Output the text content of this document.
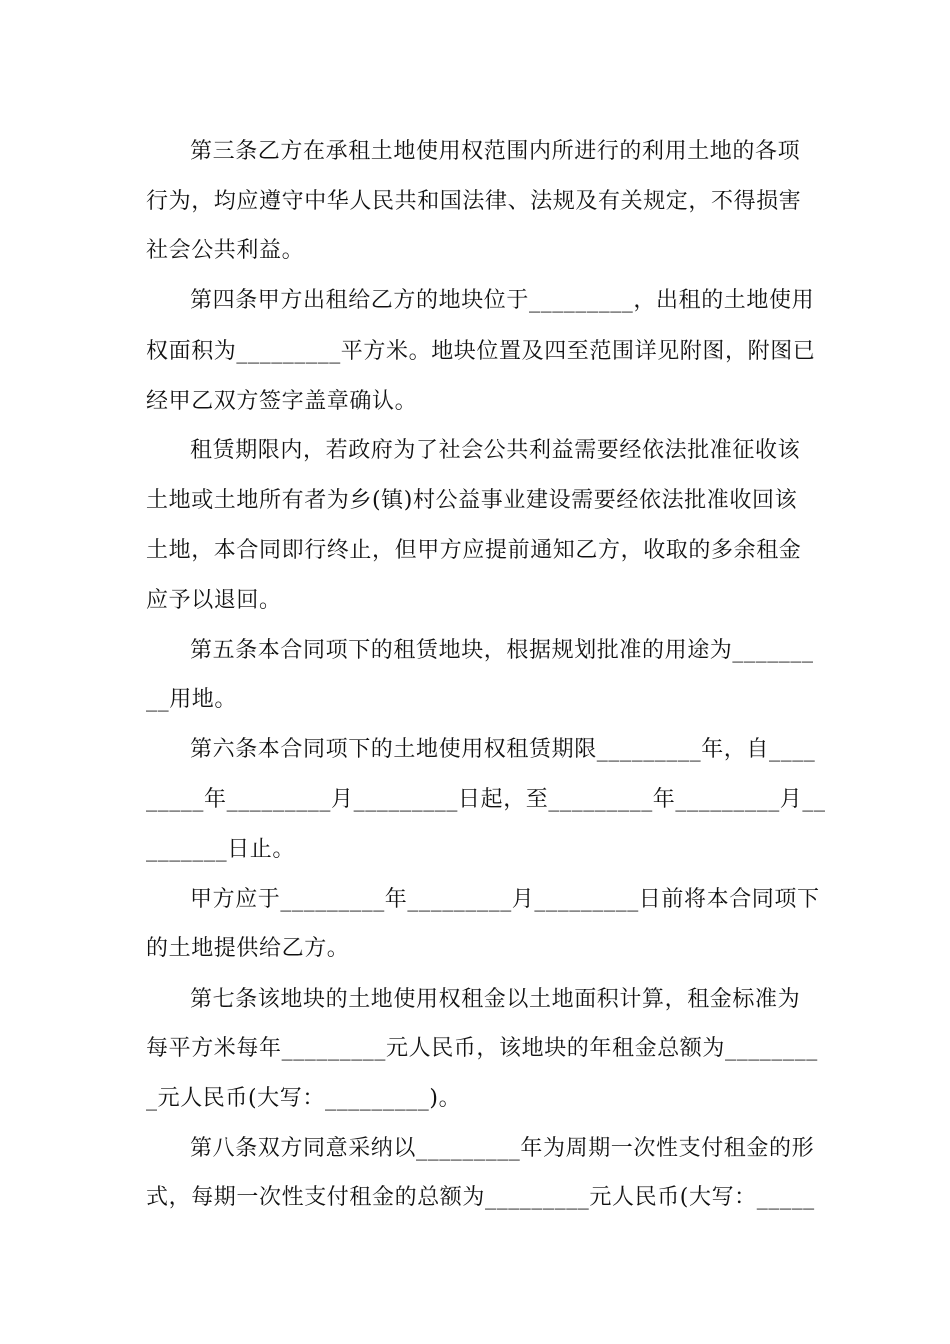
第三条乙方在承租土地使用权范围内所进行的利用土地的各项

行为，均应遵守中华人民共和国法律、法规及有关规定，不得损害

社会公共利益。

第四条甲方出租给乙方的地块位于_________，出租的土地使用

权面积为_________平方米。地块位置及四至范围详见附图，附图已

经甲乙双方签字盖章确认。

租赁期限内，若政府为了社会公共利益需要经依法批准征收该

土地或土地所有者为乡(镇)村公益事业建设需要经依法批准收回该

土地，本合同即行终止，但甲方应提前通知乙方，收取的多余租金

应予以退回。

第五条本合同项下的租赁地块，根据规划批准的用途为_______

__用地。

第六条本合同项下的土地使用权租赁期限_________年，自____

_____年_________月_________日起，至_________年_________月__

_______日止。

甲方应于_________年_________月_________日前将本合同项下

的土地提供给乙方。

第七条该地块的土地使用权租金以土地面积计算，租金标准为

每平方米每年_________元人民币，该地块的年租金总额为________

_元人民币(大写：_________)。

第八条双方同意采纳以_________年为周期一次性支付租金的形

式，每期一次性支付租金的总额为_________元人民币(大写：_____
